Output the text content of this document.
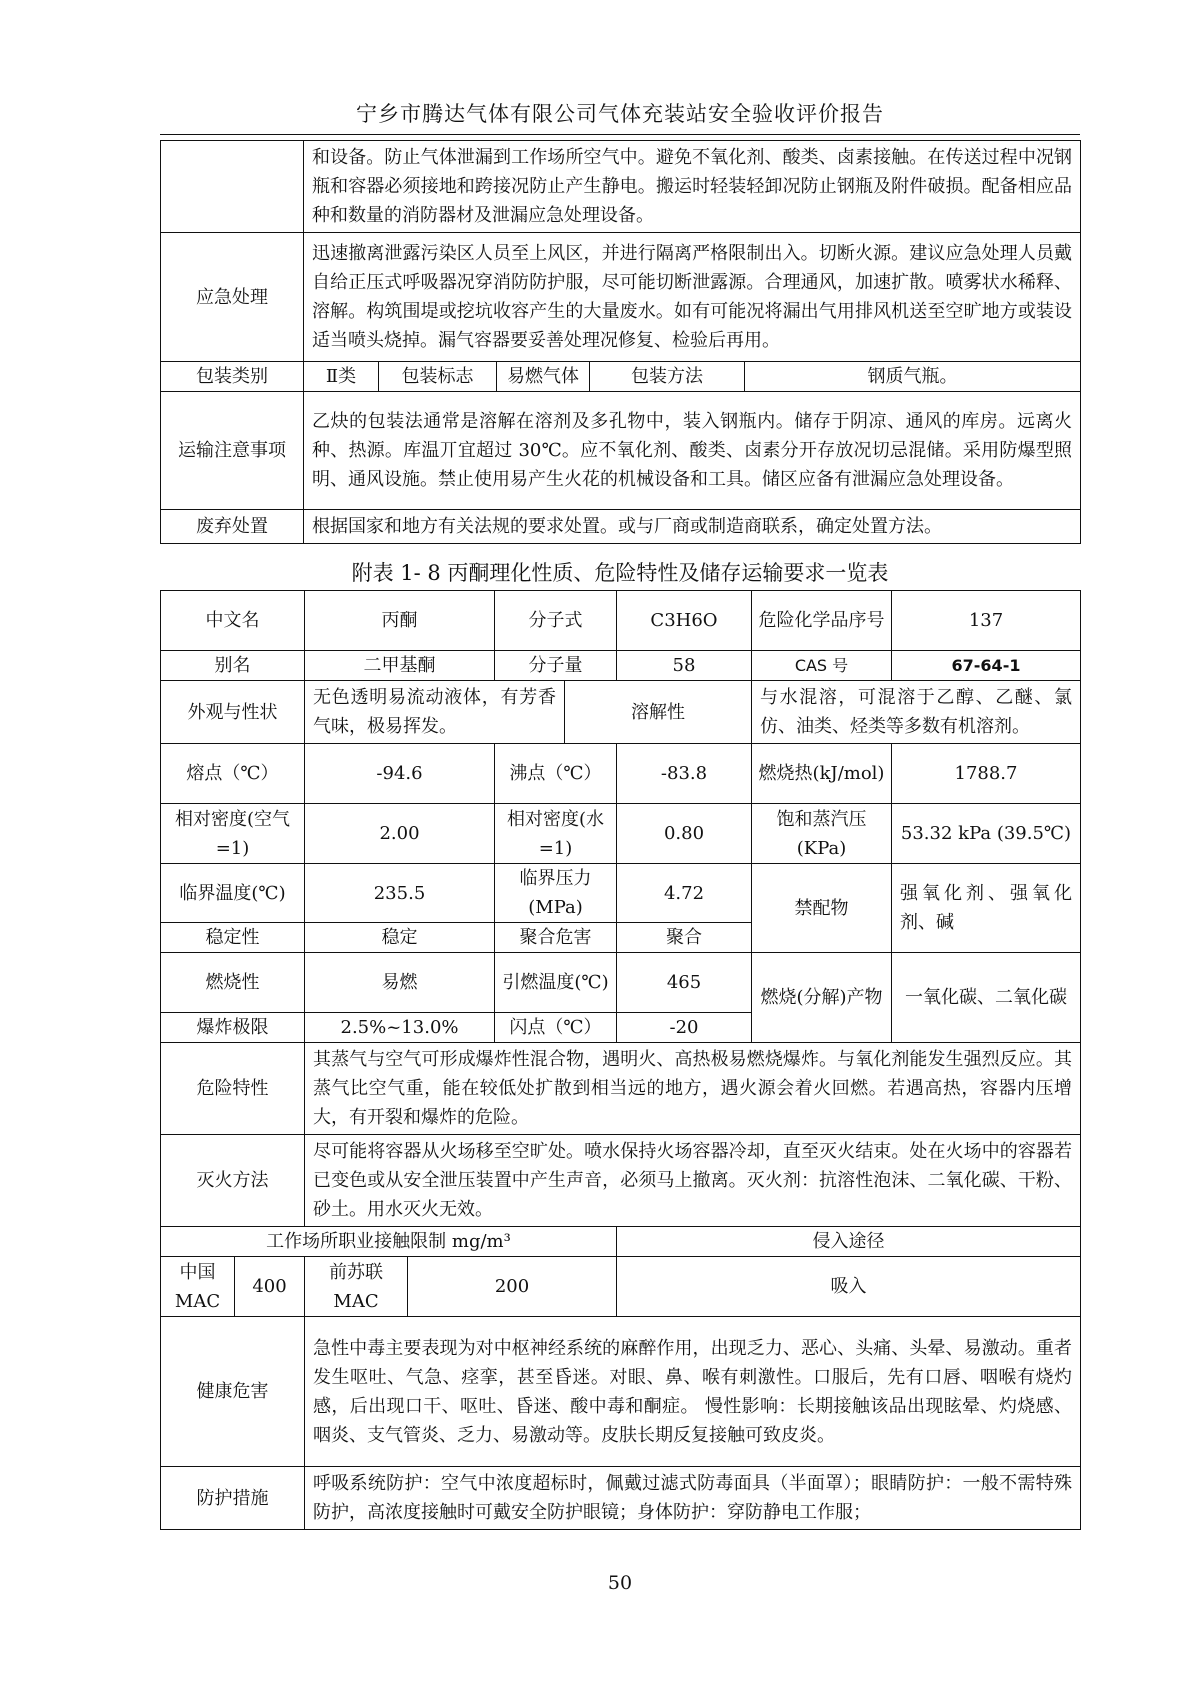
宁乡市腾达气体有限公司气体充装站安全验收评价报告
	和设备。防止气体泄漏到工作场所空气中。避免不氧化剂、酸类、卤素接触。在传送过程中况钢瓶和容器必须接地和跨接况防止产生静电。搬运时轻装轻卸况防止钢瓶及附件破损。配备相应品种和数量的消防器材及泄漏应急处理设备。				
应急处理	迅速撤离泄露污染区人员至上风区，并进行隔离严格限制出入。切断火源。建议应急处理人员戴自给正压式呼吸器况穿消防防护服，尽可能切断泄露源。合理通风，加速扩散。喷雾状水稀释、溶解。构筑围堤或挖坑收容产生的大量废水。如有可能况将漏出气用排风机送至空旷地方或装设适当喷头烧掉。漏气容器要妥善处理况修复、检验后再用。				
包装类别	Ⅱ类	包装标志	易燃气体	包装方法	钢质气瓶。
运输注意事项	乙炔的包装法通常是溶解在溶剂及多孔物中，装入钢瓶内。储存于阴凉、通风的库房。远离火种、热源。库温丌宜超过 30℃。应不氧化剂、酸类、卤素分开存放况切忌混储。采用防爆型照明、通风设施。禁止使用易产生火花的机械设备和工具。储区应备有泄漏应急处理设备。				
废弃处置	根据国家和地方有关法规的要求处置。或与厂商或制造商联系，确定处置方法。				
附表 1- 8 丙酮理化性质、危险特性及储存运输要求一览表
中文名		丙酮		分子式		C3H6O	危险化学品序号	137
别名		二甲基酮		分子量		58	CAS 号	67-64-1
外观与性状		无色透明易流动液体，有芳香气味，极易挥发。			溶解性		与水混溶，可混溶于乙醇、乙醚、氯仿、油类、烃类等多数有机溶剂。	
熔点（℃）		-94.6		沸点（℃）		-83.8	燃烧热(kJ/mol)	1788.7
相对密度(空气=1)		2.00		相对密度(水=1)		0.80	饱和蒸汽压(KPa)	53.32 kPa (39.5℃)
临界温度(℃)		235.5		临界压力(MPa)		4.72	禁配物	强氧化剂、强氧化剂、碱
稳定性		稳定		聚合危害		聚合		
燃烧性		易燃		引燃温度(℃)		465	燃烧(分解)产物	一氧化碳、二氧化碳
爆炸极限		2.5%~13.0%		闪点（℃）		-20		
危险特性		其蒸气与空气可形成爆炸性混合物，遇明火、高热极易燃烧爆炸。与氧化剂能发生强烈反应。其蒸气比空气重，能在较低处扩散到相当远的地方，遇火源会着火回燃。若遇高热，容器内压增大，有开裂和爆炸的危险。						
灭火方法		尽可能将容器从火场移至空旷处。喷水保持火场容器冷却，直至灭火结束。处在火场中的容器若已变色或从安全泄压装置中产生声音，必须马上撤离。灭火剂：抗溶性泡沫、二氧化碳、干粉、砂土。用水灭火无效。						
工作场所职业接触限制 mg/m³						侵入途径		
中国MAC	400	前苏联MAC	200			吸入		
健康危害		急性中毒主要表现为对中枢神经系统的麻醉作用，出现乏力、恶心、头痛、头晕、易激动。重者发生呕吐、气急、痉挛，甚至昏迷。对眼、鼻、喉有刺激性。口服后，先有口唇、咽喉有烧灼感，后出现口干、呕吐、昏迷、酸中毒和酮症。 慢性影响：长期接触该品出现眩晕、灼烧感、咽炎、支气管炎、乏力、易激动等。皮肤长期反复接触可致皮炎。						
防护措施		呼吸系统防护：空气中浓度超标时，佩戴过滤式防毒面具（半面罩）；眼睛防护：一般不需特殊防护，高浓度接触时可戴安全防护眼镜；身体防护：穿防静电工作服；						
50
